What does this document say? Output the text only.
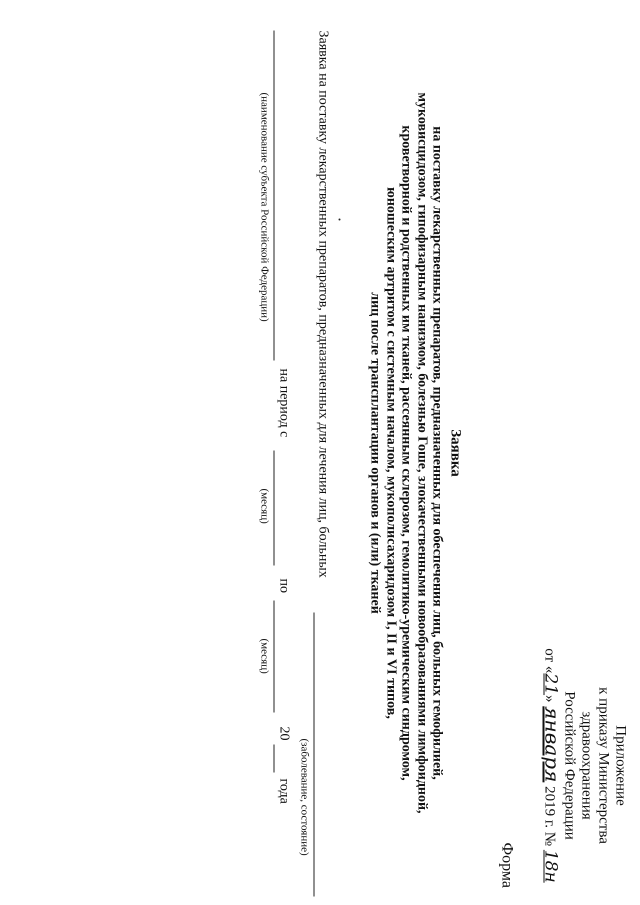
Приложение
к приказу Министерства здравоохранения
Российской Федерации
от «21» января 2019 г. № 18н
Форма
Заявка
на поставку лекарственных препаратов, предназначенных для обеспечения лиц, больных гемофилией,
муковисцидозом, гипофизарным нанизмом, болезнью Гоше, злокачественными новообразованиями лимфоидной,
кроветворной и родственных им тканей, рассеянным склерозом, гемолитико-уремическим синдромом,
юношеским артритом с системным началом, мукополисахаридозом I, II и VI типов,
лиц после трансплантации органов и (или) тканей
Заявка на поставку лекарственных препаратов, предназначенных для лечения лиц, больных
(заболевание, состояние)
(наименование субъекта Российской Федерации)
на период с
(месяц)
по
(месяц)
20
года
